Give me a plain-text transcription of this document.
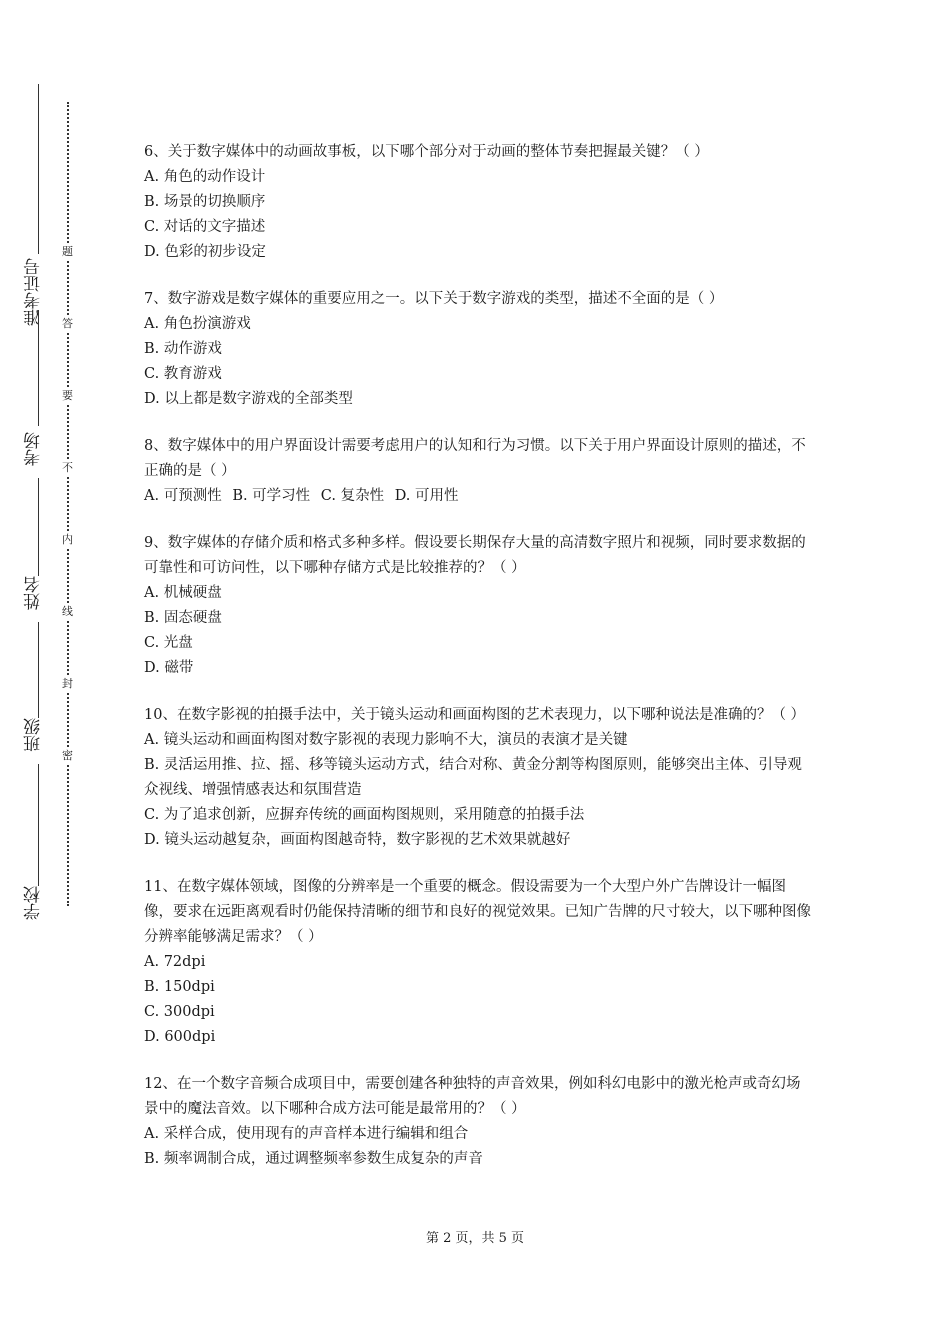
准考证号
考场
姓名
班级
学校
题
答
要
不
内
线
封
密

6、关于数字媒体中的动画故事板，以下哪个部分对于动画的整体节奏把握最关键？（ ）

A. 角色的动作设计

B. 场景的切换顺序

C. 对话的文字描述

D. 色彩的初步设定

7、数字游戏是数字媒体的重要应用之一。以下关于数字游戏的类型，描述不全面的是（ ）

A. 角色扮演游戏

B. 动作游戏

C. 教育游戏

D. 以上都是数字游戏的全部类型

8、数字媒体中的用户界面设计需要考虑用户的认知和行为习惯。以下关于用户界面设计原则的描述，不正确的是（ ）

A. 可预测性 B. 可学习性 C. 复杂性 D. 可用性

9、数字媒体的存储介质和格式多种多样。假设要长期保存大量的高清数字照片和视频，同时要求数据的可靠性和可访问性，以下哪种存储方式是比较推荐的？（ ）

A. 机械硬盘

B. 固态硬盘

C. 光盘

D. 磁带

10、在数字影视的拍摄手法中，关于镜头运动和画面构图的艺术表现力，以下哪种说法是准确的？（ ）

A. 镜头运动和画面构图对数字影视的表现力影响不大，演员的表演才是关键

B. 灵活运用推、拉、摇、移等镜头运动方式，结合对称、黄金分割等构图原则，能够突出主体、引导观众视线、增强情感表达和氛围营造

C. 为了追求创新，应摒弃传统的画面构图规则，采用随意的拍摄手法

D. 镜头运动越复杂，画面构图越奇特，数字影视的艺术效果就越好

11、在数字媒体领域，图像的分辨率是一个重要的概念。假设需要为一个大型户外广告牌设计一幅图像，要求在远距离观看时仍能保持清晰的细节和良好的视觉效果。已知广告牌的尺寸较大，以下哪种图像分辨率能够满足需求？（ ）

A. 72dpi

B. 150dpi

C. 300dpi

D. 600dpi

12、在一个数字音频合成项目中，需要创建各种独特的声音效果，例如科幻电影中的激光枪声或奇幻场景中的魔法音效。以下哪种合成方法可能是最常用的？（ ）

A. 采样合成，使用现有的声音样本进行编辑和组合

B. 频率调制合成，通过调整频率参数生成复杂的声音

第 2 页，共 5 页
